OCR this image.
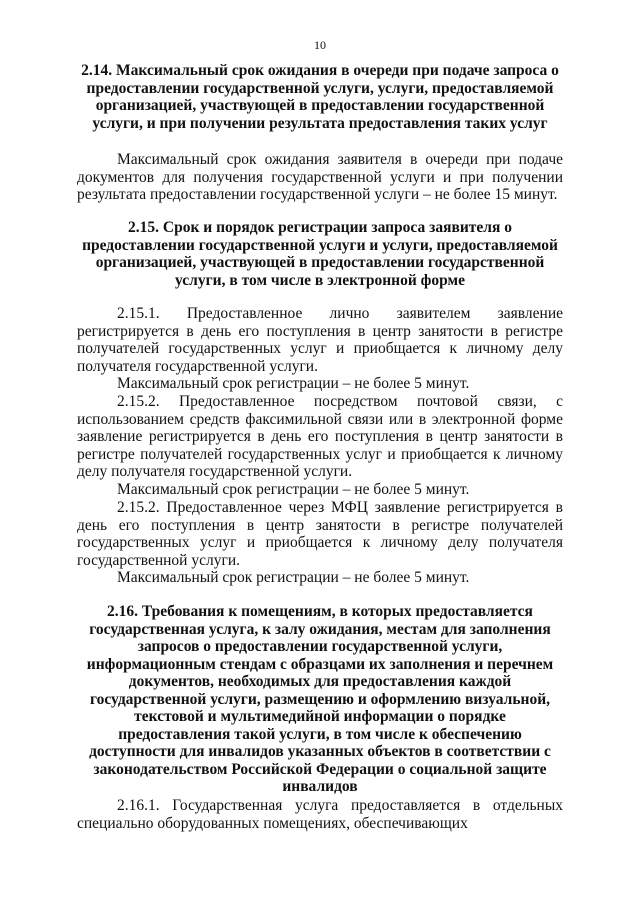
10
2.14. Максимальный срок ожидания в очереди при подаче запроса о предоставлении государственной услуги, услуги, предоставляемой организацией, участвующей в предоставлении государственной услуги, и при получении результата предоставления таких услуг
Максимальный срок ожидания заявителя в очереди при подаче документов для получения государственной услуги и при получении результата предоставлении государственной услуги – не более 15 минут.
2.15. Срок и порядок регистрации запроса заявителя о предоставлении государственной услуги и услуги, предоставляемой организацией, участвующей в предоставлении государственной услуги, в том числе в электронной форме
2.15.1. Предоставленное лично заявителем заявление регистрируется в день его поступления в центр занятости в регистре получателей государственных услуг и приобщается к личному делу получателя государственной услуги.
Максимальный срок регистрации – не более 5 минут.
2.15.2. Предоставленное посредством почтовой связи, с использованием средств факсимильной связи или в электронной форме заявление регистрируется в день его поступления в центр занятости в регистре получателей государственных услуг и приобщается к личному делу получателя государственной услуги.
Максимальный срок регистрации – не более 5 минут.
2.15.2. Предоставленное через МФЦ заявление регистрируется в день его поступления в центр занятости в регистре получателей государственных услуг и приобщается к личному делу получателя государственной услуги.
Максимальный срок регистрации – не более 5 минут.
2.16. Требования к помещениям, в которых предоставляется государственная услуга, к залу ожидания, местам для заполнения запросов о предоставлении государственной услуги, информационным стендам с образцами их заполнения и перечнем документов, необходимых для предоставления каждой государственной услуги, размещению и оформлению визуальной, текстовой и мультимедийной информации о порядке предоставления такой услуги, в том числе к обеспечению доступности для инвалидов указанных объектов в соответствии с законодательством Российской Федерации о социальной защите инвалидов
2.16.1. Государственная услуга предоставляется в отдельных специально оборудованных помещениях, обеспечивающих
